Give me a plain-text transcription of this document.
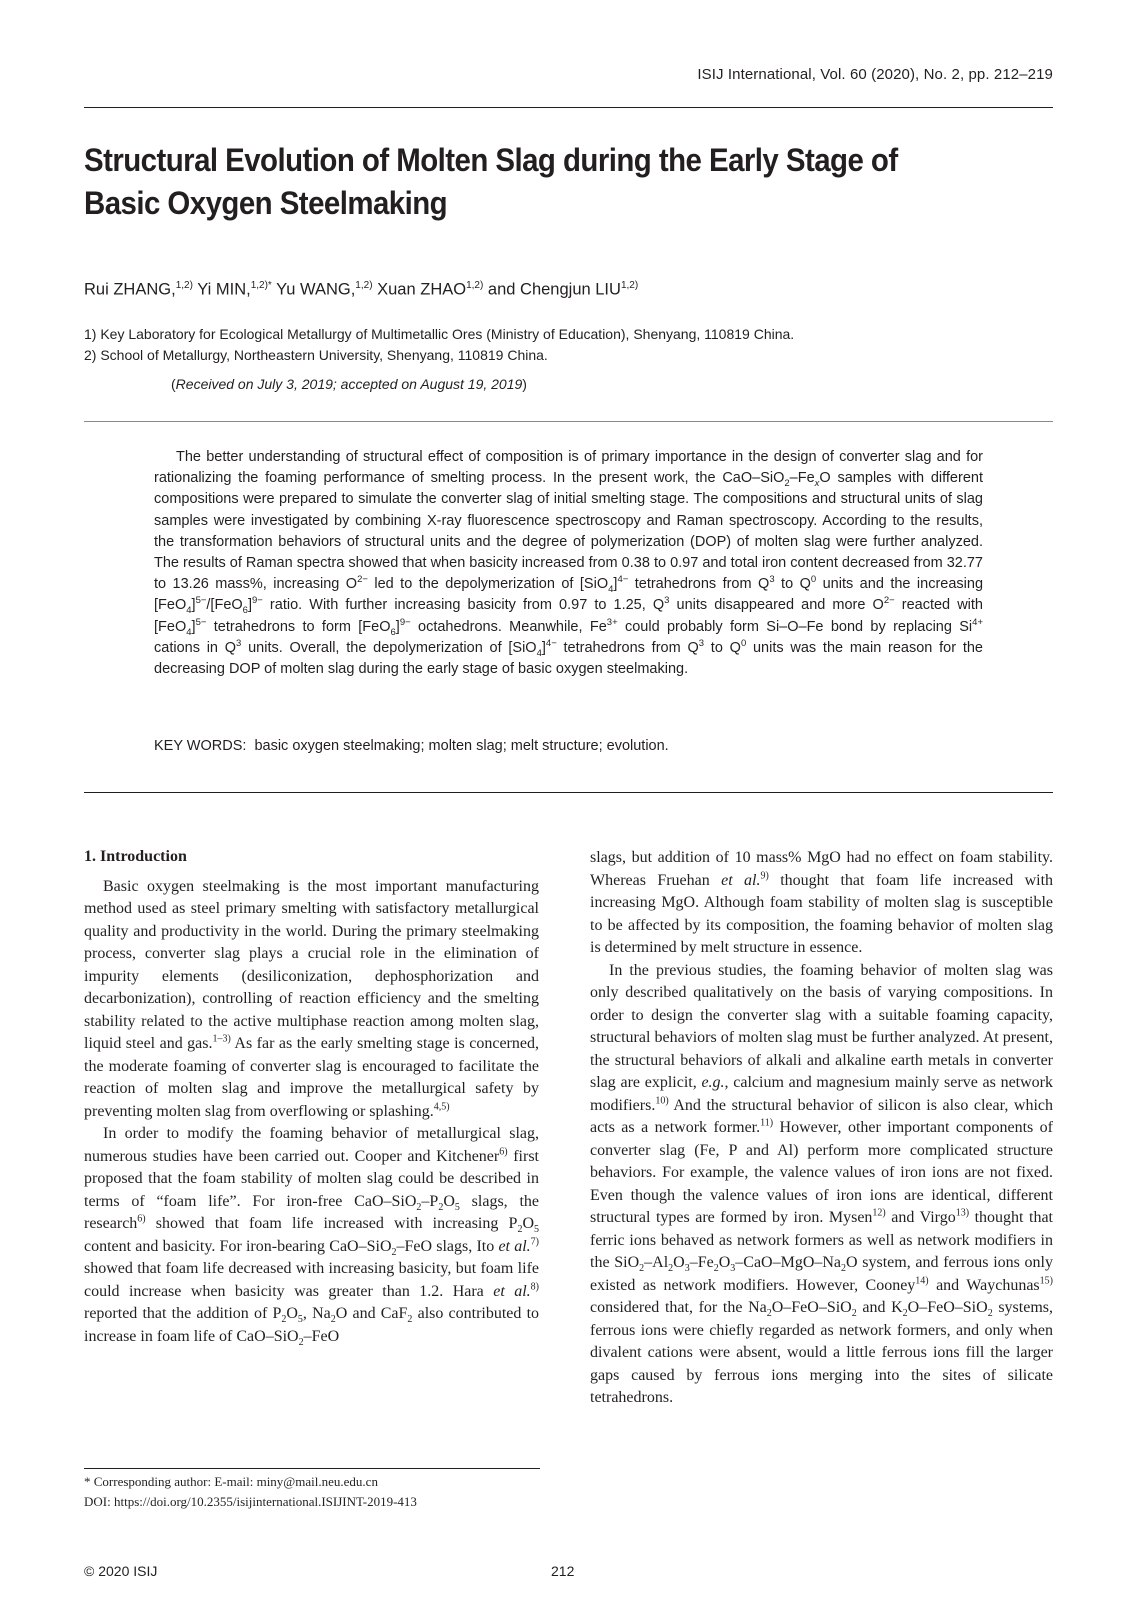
ISIJ International, Vol. 60 (2020), No. 2, pp. 212–219
Structural Evolution of Molten Slag during the Early Stage of
Basic Oxygen Steelmaking
Rui ZHANG,$^{1,2)}$ Yi MIN,$^{1,2)*}$ Yu WANG,$^{1,2)}$ Xuan ZHAO$^{1,2)}$ and Chengjun LIU$^{1,2)}$
1) Key Laboratory for Ecological Metallurgy of Multimetallic Ores (Ministry of Education), Shenyang, 110819 China.
2) School of Metallurgy, Northeastern University, Shenyang, 110819 China.
(Received on July 3, 2019; accepted on August 19, 2019)

The better understanding of structural effect of composition is of primary importance in the design of converter slag and for rationalizing the foaming performance of smelting process. In the present work, the CaO–$SiO_2-Fe_xO$ samples with different compositions were prepared to simulate the converter slag of initial smelting stage. The compositions and structural units of slag samples were investigated by combining X-ray fluorescence spectroscopy and Raman spectroscopy. According to the results, the transformation behaviors of structural units and the degree of polymerization (DOP) of molten slag were further analyzed. The results of Raman spectra showed that when basicity increased from 0.38 to 0.97 and total iron content decreased from 32.77 to 13.26 mass%, increasing $O^{2-}$ led to the depolymerization of $[SiO_4]^{4-}$ tetrahedrons from $Q^3$ to $Q^0$ units and the increasing $[FeO_4]^{5-}/[FeO_6]^{9-}$ ratio. With further increasing basicity from 0.97 to 1.25, $Q^3$ units disappeared and more $O^{2-}$ reacted with $[FeO_4]^{5-}$ tetrahedrons to form $[FeO_6]^{9-}$ octahedrons. Meanwhile, $Fe^{3+}$ could probably form Si–O–Fe bond by replacing $Si^{4+}$ cations in $Q^3$ units. Overall, the depolymerization of $[SiO_4]^{4-}$ tetrahedrons from $Q^3$ to $Q^0$ units was the main reason for the decreasing DOP of molten slag during the early stage of basic oxygen steelmaking.

KEY WORDS: basic oxygen steelmaking; molten slag; melt structure; evolution.
1. Introduction

Basic oxygen steelmaking is the most important manufacturing method used as steel primary smelting with satisfactory metallurgical quality and productivity in the world. During the primary steelmaking process, converter slag plays a crucial role in the elimination of impurity elements (desiliconization, dephosphorization and decarbonization), controlling of reaction efficiency and the smelting stability related to the active multiphase reaction among molten slag, liquid steel and gas.$^{1-3)}$ As far as the early smelting stage is concerned, the moderate foaming of converter slag is encouraged to facilitate the reaction of molten slag and improve the metallurgical safety by preventing molten slag from overflowing or splashing.$^{4,5)}$

In order to modify the foaming behavior of metallurgical slag, numerous studies have been carried out. Cooper and Kitchener$^{6)}$ first proposed that the foam stability of molten slag could be described in terms of “foam life”. For iron-free CaO–$SiO_2-P_2O_5$ slags, the research$^{6)}$ showed that foam life increased with increasing $P_2O_5$ content and basicity. For iron-bearing CaO–SiO$_2$–FeO slags, Ito et al.$^{7)}$ showed that foam life decreased with increasing basicity, but foam life could increase when basicity was greater than 1.2. Hara et al.$^{8)}$ reported that the addition of $P_2O_5$, $Na_2O$ and CaF$_2$ also contributed to increase in foam life of CaO–SiO$_2$–FeO

slags, but addition of 10 mass% MgO had no effect on foam stability. Whereas Fruehan et al.$^{9)}$ thought that foam life increased with increasing MgO. Although foam stability of molten slag is susceptible to be affected by its composition, the foaming behavior of molten slag is determined by melt structure in essence.

In the previous studies, the foaming behavior of molten slag was only described qualitatively on the basis of varying compositions. In order to design the converter slag with a suitable foaming capacity, structural behaviors of molten slag must be further analyzed. At present, the structural behaviors of alkali and alkaline earth metals in converter slag are explicit, e.g., calcium and magnesium mainly serve as network modifiers.$^{10)}$ And the structural behavior of silicon is also clear, which acts as a network former.$^{11)}$ However, other important components of converter slag (Fe, P and Al) perform more complicated structure behaviors. For example, the valence values of iron ions are not fixed. Even though the valence values of iron ions are identical, different structural types are formed by iron. Mysen$^{12)}$ and Virgo$^{13)}$ thought that ferric ions behaved as network formers as well as network modifiers in the $SiO_2-Al_2O_3-Fe_2O_3-CaO-MgO-Na_2O$ system, and ferrous ions only existed as network modifiers. However, Cooney$^{14)}$ and Waychunas$^{15)}$ considered that, for the $Na_2O-FeO-SiO_2$ and $K_2O-FeO-SiO_2$ systems, ferrous ions were chiefly regarded as network formers, and only when divalent cations were absent, would a little ferrous ions fill the larger gaps caused by ferrous ions merging into the sites of silicate tetrahedrons.

* Corresponding author: E-mail: miny@mail.neu.edu.cn
DOI: https://doi.org/10.2355/isijinternational.ISIJINT-2019-413
© 2020 ISIJ	212
